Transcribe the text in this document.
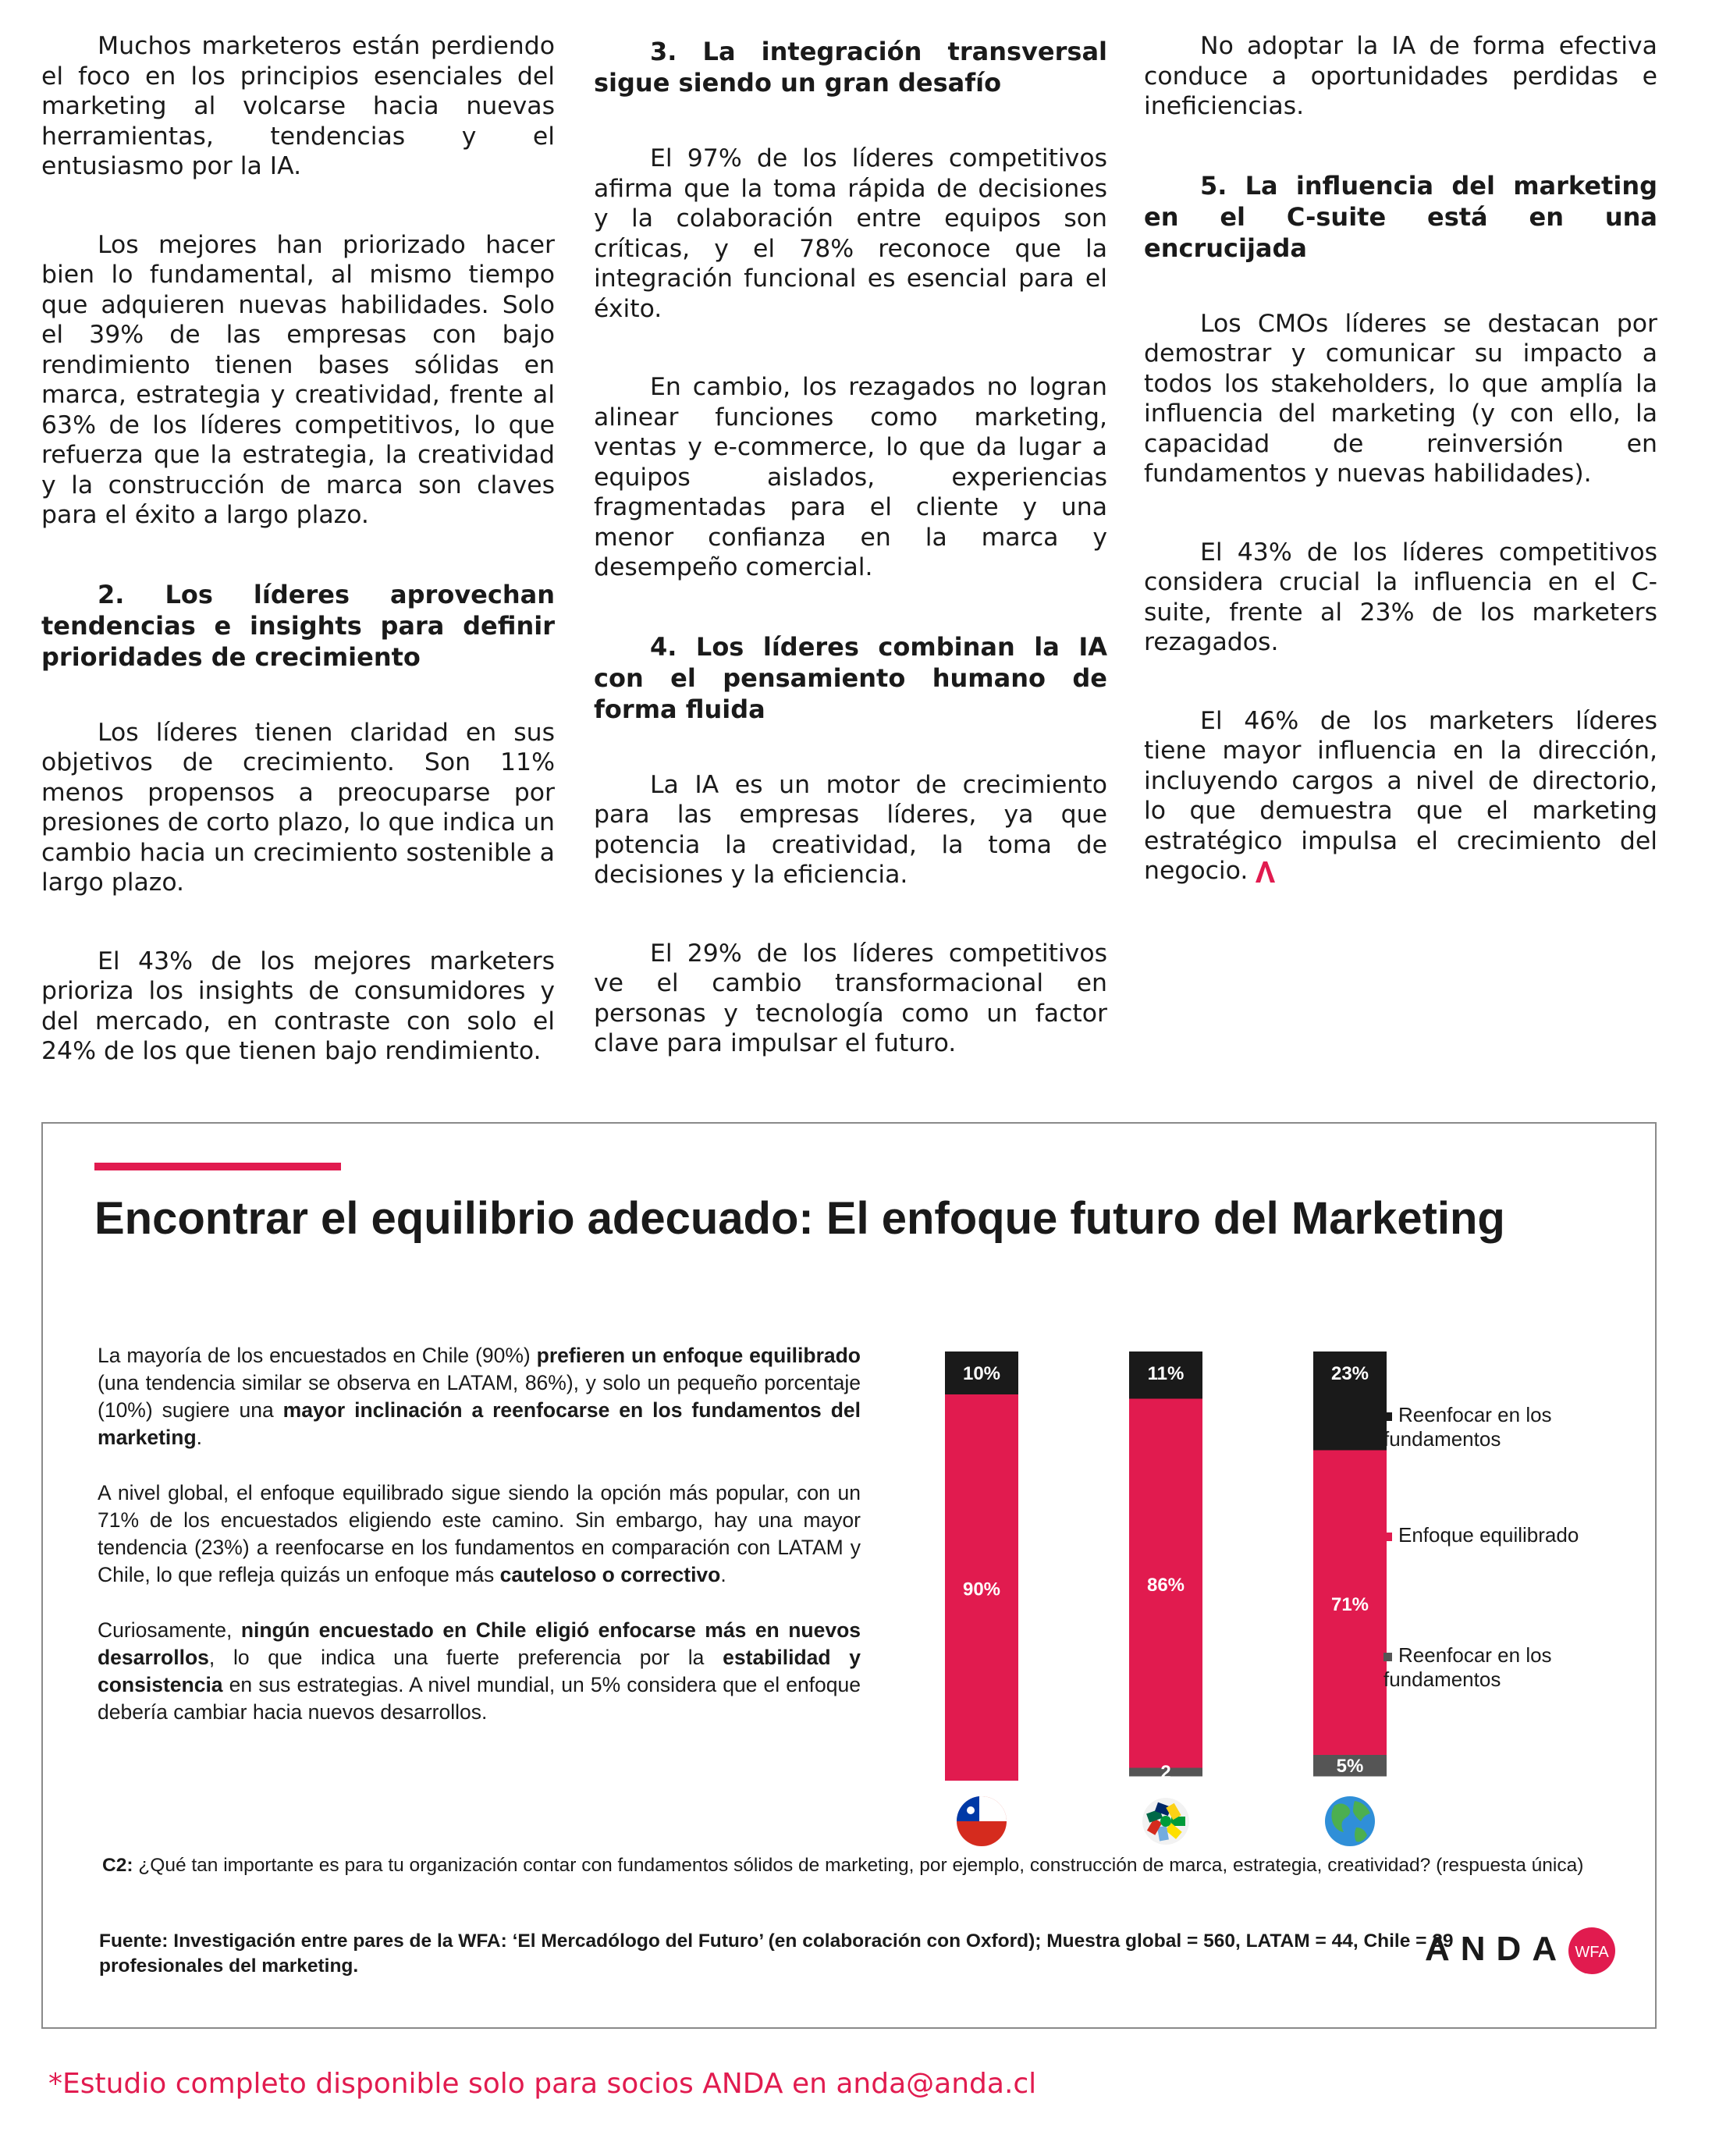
Muchos marketeros están perdiendo el foco en los principios esenciales del marketing al volcarse hacia nuevas herramientas, tendencias y el entusiasmo por la IA.

Los mejores han priorizado hacer bien lo fundamental, al mismo tiempo que adquieren nuevas habilidades. Solo el 39% de las empresas con bajo rendimiento tienen bases sólidas en marca, estrategia y creatividad, frente al 63% de los líderes competitivos, lo que refuerza que la estrategia, la creatividad y la construcción de marca son claves para el éxito a largo plazo.

2. Los líderes aprovechan tendencias e insights para definir prioridades de crecimiento

Los líderes tienen claridad en sus objetivos de crecimiento. Son 11% menos propensos a preocuparse por presiones de corto plazo, lo que indica un cambio hacia un crecimiento sostenible a largo plazo.

El 43% de los mejores marketers prioriza los insights de consumidores y del mercado, en contraste con solo el 24% de los que tienen bajo rendimiento.

3. La integración transversal sigue siendo un gran desafío

El 97% de los líderes competitivos afirma que la toma rápida de decisiones y la colaboración entre equipos son críticas, y el 78% reconoce que la integración funcional es esencial para el éxito.

En cambio, los rezagados no logran alinear funciones como marketing, ventas y e-commerce, lo que da lugar a equipos aislados, experiencias fragmentadas para el cliente y una menor confianza en la marca y desempeño comercial.

4. Los líderes combinan la IA con el pensamiento humano de forma fluida

La IA es un motor de crecimiento para las empresas líderes, ya que potencia la creatividad, la toma de decisiones y la eficiencia.

El 29% de los líderes competitivos ve el cambio transformacional en personas y tecnología como un factor clave para impulsar el futuro.

No adoptar la IA de forma efectiva conduce a oportunidades perdidas e ineficiencias.

5. La influencia del marketing en el C-suite está en una encrucijada

Los CMOs líderes se destacan por demostrar y comunicar su impacto a todos los stakeholders, lo que amplía la influencia del marketing (y con ello, la capacidad de reinversión en fundamentos y nuevas habilidades).

El 43% de los líderes competitivos considera crucial la influencia en el C-suite, frente al 23% de los marketers rezagados.

El 46% de los marketers líderes tiene mayor influencia en la dirección, incluyendo cargos a nivel de directorio, lo que demuestra que el marketing estratégico impulsa el crecimiento del negocio.

Encontrar el equilibrio adecuado: El enfoque futuro del Marketing

La mayoría de los encuestados en Chile (90%) prefieren un enfoque equilibrado (una tendencia similar se observa en LATAM, 86%), y solo un pequeño porcentaje (10%) sugiere una mayor inclinación a reenfocarse en los fundamentos del marketing.

A nivel global, el enfoque equilibrado sigue siendo la opción más popular, con un 71% de los encuestados eligiendo este camino. Sin embargo, hay una mayor tendencia (23%) a reenfocarse en los fundamentos en comparación con LATAM y Chile, lo que refleja quizás un enfoque más cauteloso o correctivo.

Curiosamente, ningún encuestado en Chile eligió enfocarse más en nuevos desarrollos, lo que indica una fuerte preferencia por la estabilidad y consistencia en sus estrategias. A nivel mundial, un 5% considera que el enfoque debería cambiar hacia nuevos desarrollos.

10%
90%
11%
86%
2
23%
71%
5%
Reenfocar en los fundamentos
Enfoque equilibrado
Reenfocar en los fundamentos
C2: ¿Qué tan importante es para tu organización contar con fundamentos sólidos de marketing, por ejemplo, construcción de marca, estrategia, creatividad? (respuesta única)
Fuente: Investigación entre pares de la WFA: ‘El Mercadólogo del Futuro’ (en colaboración con Oxford); Muestra global = 560, LATAM = 44, Chile = 29 profesionales del marketing.	ANDA WFA
*Estudio completo disponible solo para socios ANDA en anda@anda.cl
